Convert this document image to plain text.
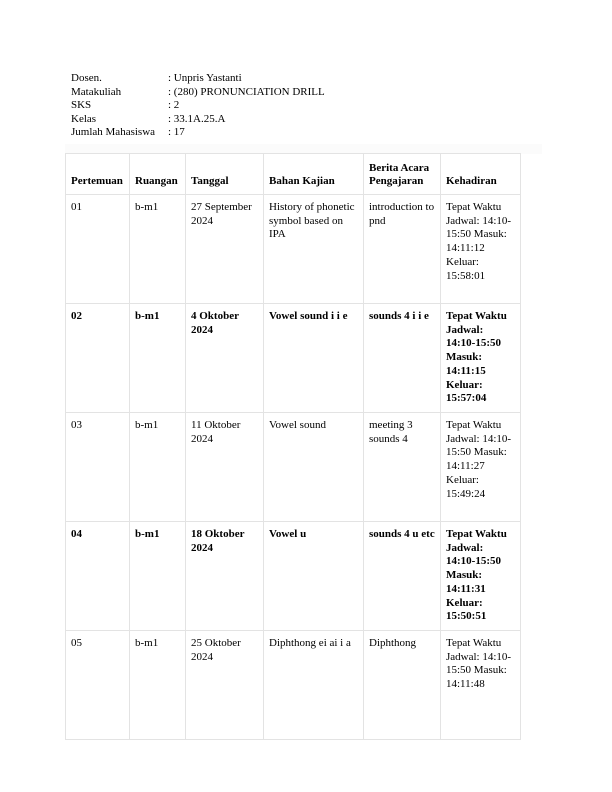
Dosen.	: Unpris Yastanti
Matakuliah	: (280) PRONUNCIATION DRILL
SKS	: 2
Kelas	: 33.1A.25.A
Jumlah Mahasiswa	: 17
Pertemuan	Ruangan	Tanggal	Bahan Kajian	Berita Acara Pengajaran	Kehadiran
01	b-m1	27 September 2024	History of phonetic symbol based on IPA	introduction to pnd	Tepat Waktu Jadwal: 14:10-15:50 Masuk: 14:11:12 Keluar: 15:58:01
02	b-m1	4 Oktober 2024	Vowel sound i i e	sounds 4 i i e	Tepat Waktu Jadwal: 14:10-15:50 Masuk: 14:11:15 Keluar: 15:57:04
03	b-m1	11 Oktober 2024	Vowel sound	meeting 3 sounds 4	Tepat Waktu Jadwal: 14:10-15:50 Masuk: 14:11:27 Keluar: 15:49:24
04	b-m1	18 Oktober 2024	Vowel u	sounds 4 u etc	Tepat Waktu Jadwal: 14:10-15:50 Masuk: 14:11:31 Keluar: 15:50:51
05	b-m1	25 Oktober 2024	Diphthong ei ai i a	Diphthong	Tepat Waktu Jadwal: 14:10-15:50 Masuk: 14:11:48
